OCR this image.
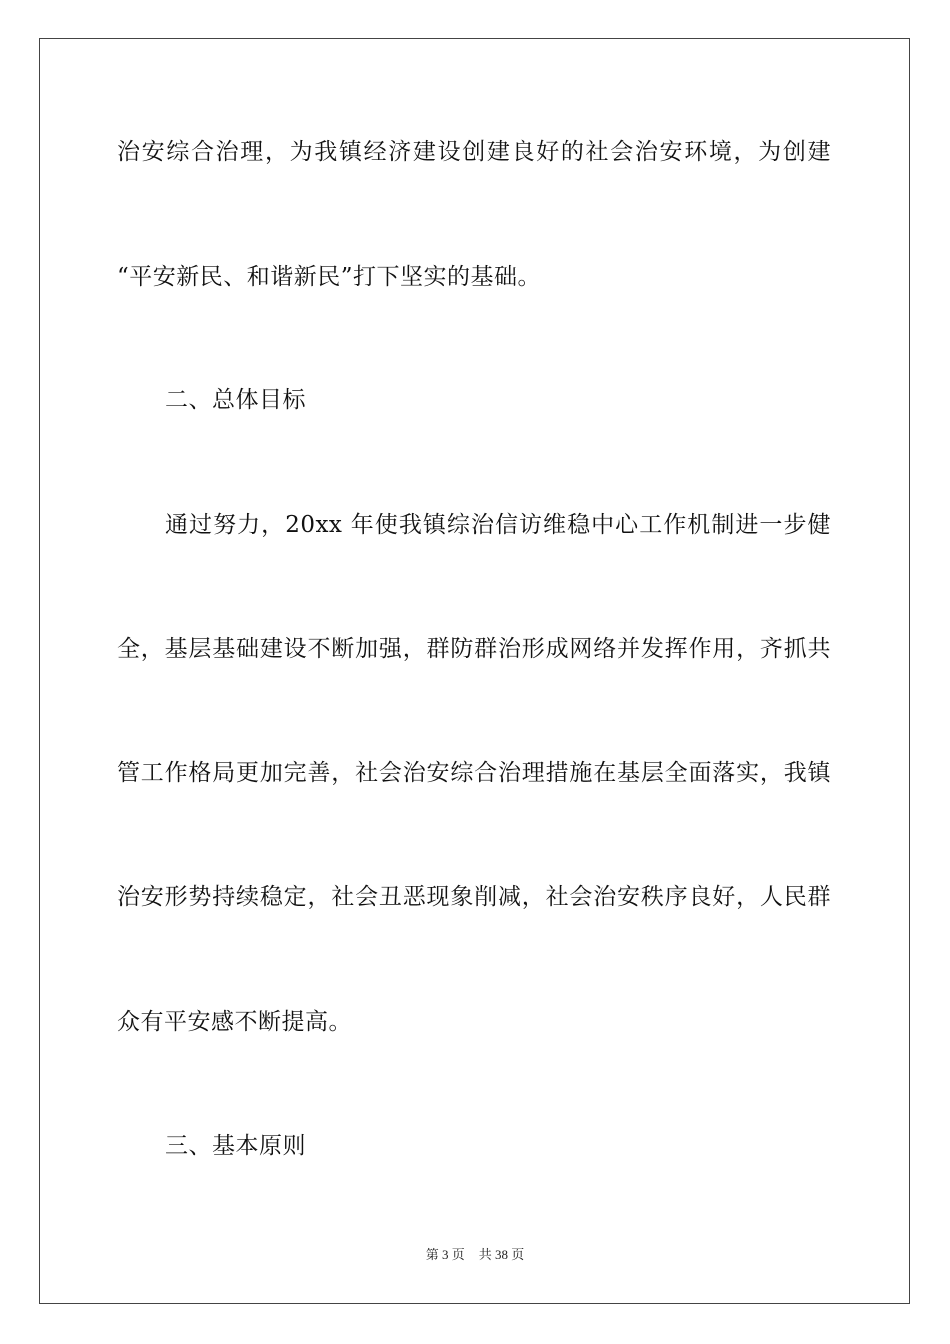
治安综合治理，为我镇经济建设创建良好的社会治安环境，为创建
“平安新民、和谐新民”打下坚实的基础。
二、总体目标
通过努力，20xx 年使我镇综治信访维稳中心工作机制进一步健
全，基层基础建设不断加强，群防群治形成网络并发挥作用，齐抓共
管工作格局更加完善，社会治安综合治理措施在基层全面落实，我镇
治安形势持续稳定，社会丑恶现象削减，社会治安秩序良好，人民群
众有平安感不断提高。
三、基本原则
第 3 页 共 38 页
